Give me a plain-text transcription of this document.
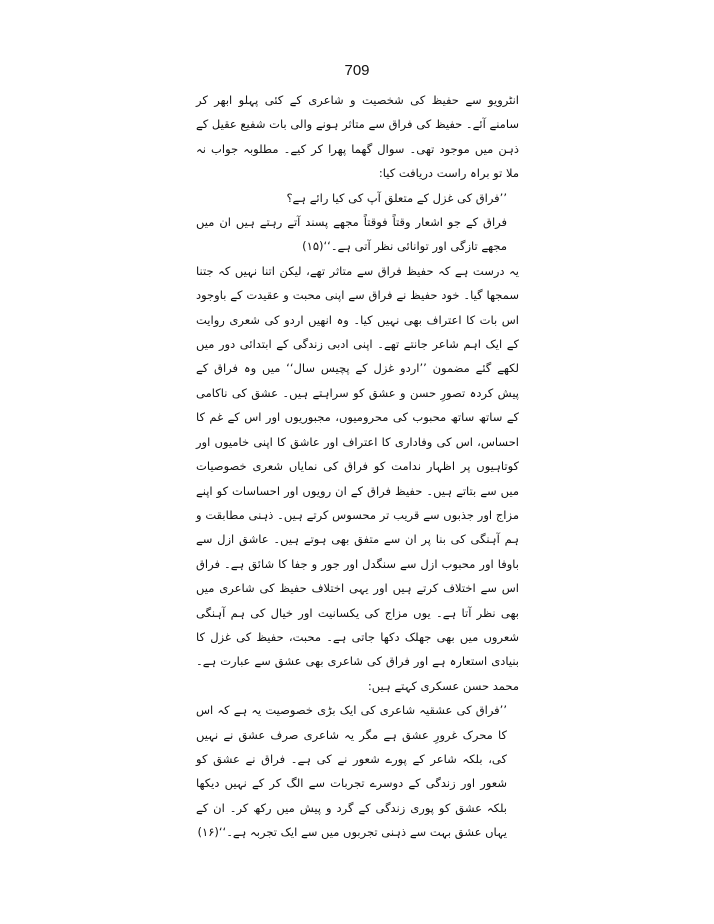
709

انٹرویو سے حفیظ کی شخصیت و شاعری کے کئی پہلو ابھر کر سامنے آئے۔ حفیظ کی فراق سے متاثر ہونے والی بات شفیع عقیل کے ذہن میں موجود تھی۔ سوال گھما پھرا کر کیے۔ مطلوبہ جواب نہ ملا تو براہ راست دریافت کیا:

’’فراق کی غزل کے متعلق آپ کی کیا رائے ہے؟

فراق کے جو اشعار وقتاً فوقتاً مجھے پسند آتے رہتے ہیں ان میں مجھے تازگی اور توانائی نظر آتی ہے۔‘‘(۱۵)

یہ درست ہے کہ حفیظ فراق سے متاثر تھے، لیکن اتنا نہیں کہ جتنا سمجھا گیا۔ خود حفیظ نے فراق سے اپنی محبت و عقیدت کے باوجود اس بات کا اعتراف بھی نہیں کیا۔ وہ انھیں اردو کی شعری روایت کے ایک اہم شاعر جانتے تھے۔ اپنی ادبی زندگی کے ابتدائی دور میں لکھے گئے مضمون ’’اردو غزل کے پچیس سال‘‘ میں وہ فراق کے پیش کردہ تصورِ حسن و عشق کو سراہتے ہیں۔ عشق کی ناکامی کے ساتھ ساتھ محبوب کی محرومیوں، مجبوریوں اور اس کے غم کا احساس، اس کی وفاداری کا اعتراف اور عاشق کا اپنی خامیوں اور کوتاہیوں پر اظہار ندامت کو فراق کی نمایاں شعری خصوصیات میں سے بتاتے ہیں۔ حفیظ فراق کے ان رویوں اور احساسات کو اپنے مزاج اور جذبوں سے قریب تر محسوس کرتے ہیں۔ ذہنی مطابقت و ہم آہنگی کی بنا پر ان سے متفق بھی ہوتے ہیں۔ عاشق ازل سے باوفا اور محبوب ازل سے سنگدل اور جور و جفا کا شائق ہے۔ فراق اس سے اختلاف کرتے ہیں اور یہی اختلاف حفیظ کی شاعری میں بھی نظر آتا ہے۔ یوں مزاج کی یکسانیت اور خیال کی ہم آہنگی شعروں میں بھی جھلک دکھا جاتی ہے۔ محبت، حفیظ کی غزل کا بنیادی استعارہ ہے اور فراق کی شاعری بھی عشق سے عبارت ہے۔ محمد حسن عسکری کہتے ہیں:

’’فراق کی عشقیہ شاعری کی ایک بڑی خصوصیت یہ ہے کہ اس کا محرک غرورِ عشق ہے مگر یہ شاعری صرف عشق نے نہیں کی، بلکہ شاعر کے پورے شعور نے کی ہے۔ فراق نے عشق کو شعور اور زندگی کے دوسرے تجربات سے الگ کر کے نہیں دیکھا بلکہ عشق کو پوری زندگی کے گرد و پیش میں رکھ کر۔ ان کے یہاں عشق بہت سے ذہنی تجربوں میں سے ایک تجربہ ہے۔‘‘(۱۶)
